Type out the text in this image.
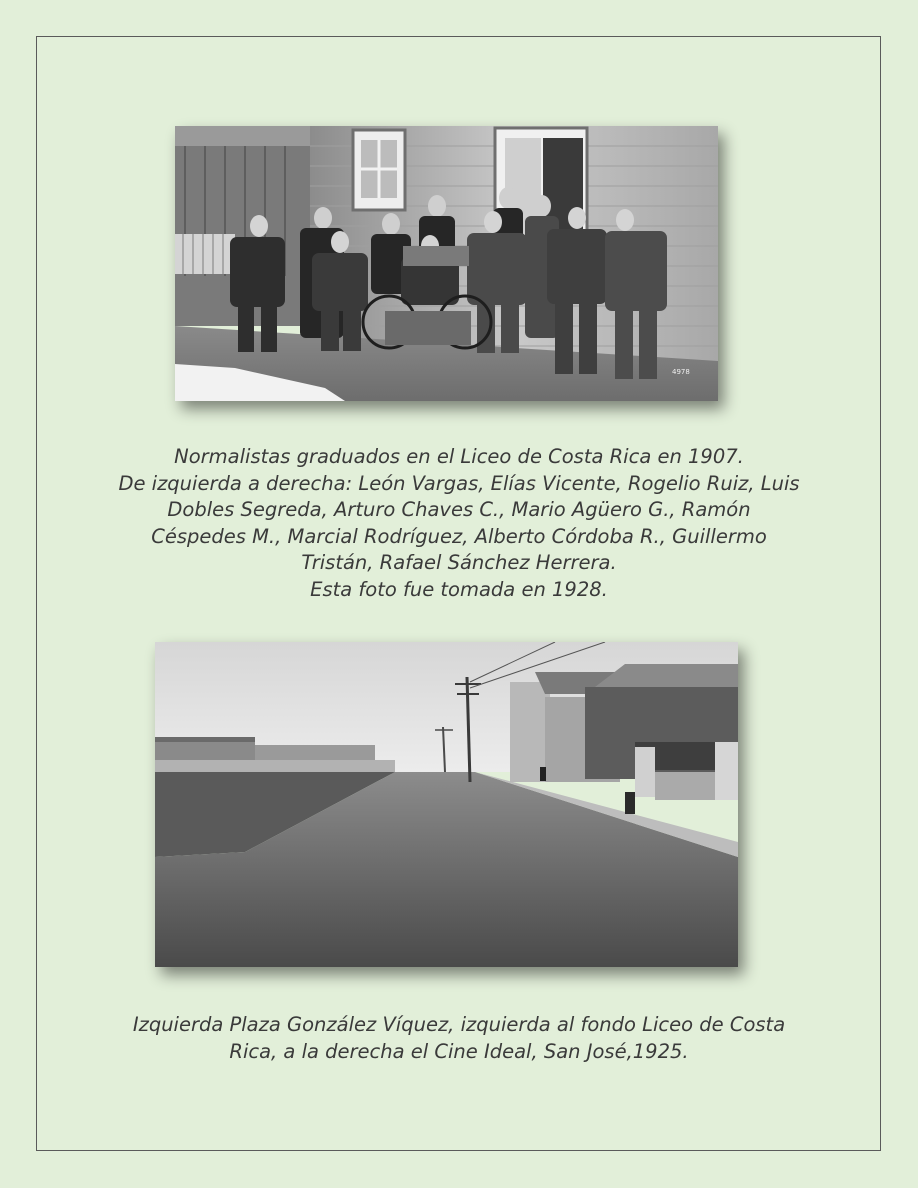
4978
Normalistas graduados en el Liceo de Costa Rica en 1907.
De izquierda a derecha: León Vargas, Elías Vicente, Rogelio Ruiz, Luis
Dobles Segreda, Arturo Chaves C., Mario Agüero G., Ramón
Céspedes M., Marcial Rodríguez, Alberto Córdoba R., Guillermo
Tristán, Rafael Sánchez Herrera.
Esta foto fue tomada en 1928.
Izquierda Plaza González Víquez, izquierda al fondo Liceo de Costa
Rica, a la derecha el Cine Ideal, San José,1925.
